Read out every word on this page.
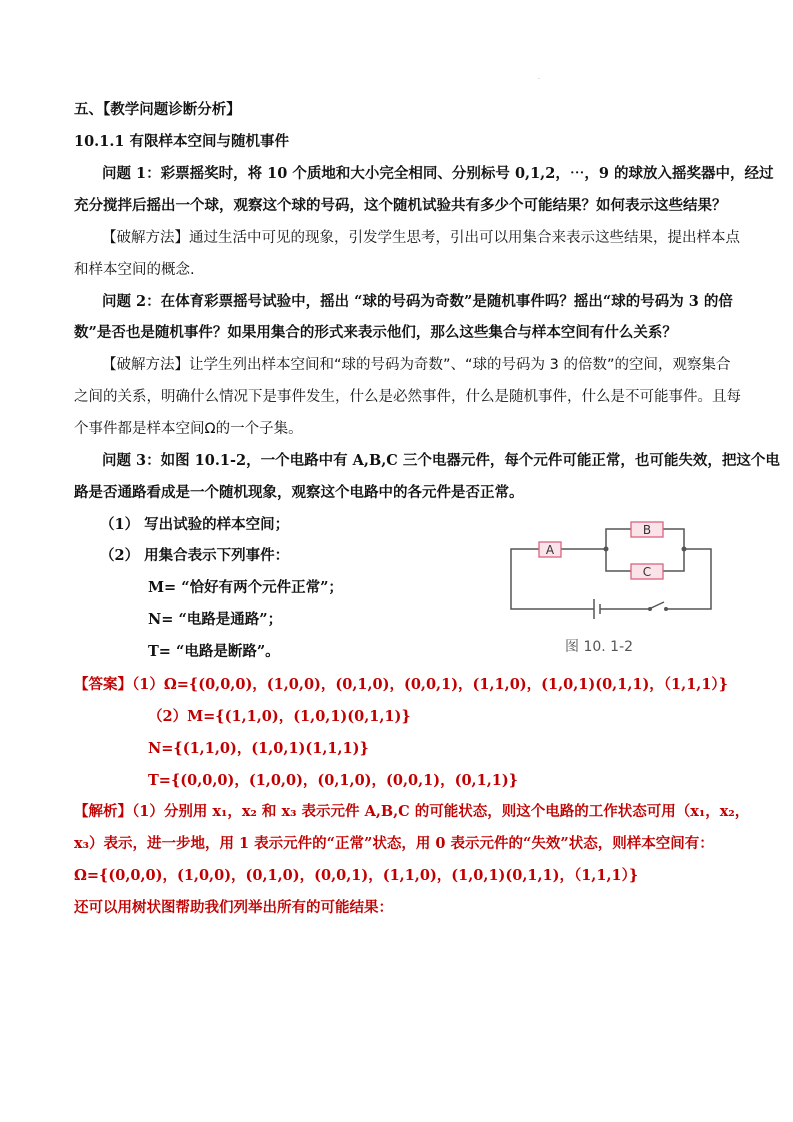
·
五、【教学问题诊断分析】
10.1.1 有限样本空间与随机事件
问题 1：彩票摇奖时，将 10 个质地和大小完全相同、分别标号 0,1,2，⋯，9 的球放入摇奖器中，经过
充分搅拌后摇出一个球，观察这个球的号码，这个随机试验共有多少个可能结果？如何表示这些结果？
【破解方法】通过生活中可见的现象，引发学生思考，引出可以用集合来表示这些结果，提出样本点
和样本空间的概念.
问题 2：在体育彩票摇号试验中，摇出 “球的号码为奇数”是随机事件吗？摇出“球的号码为 3 的倍
数”是否也是随机事件？如果用集合的形式来表示他们，那么这些集合与样本空间有什么关系？
【破解方法】让学生列出样本空间和“球的号码为奇数”、“球的号码为 3 的倍数”的空间，观察集合
之间的关系，明确什么情况下是事件发生，什么是必然事件，什么是随机事件，什么是不可能事件。且每
个事件都是样本空间Ω的一个子集。
问题 3：如图 10.1-2，一个电路中有 A,B,C 三个电器元件，每个元件可能正常，也可能失效，把这个电
路是否通路看成是一个随机现象，观察这个电路中的各元件是否正常。
（1） 写出试验的样本空间；
（2） 用集合表示下列事件：
M= “恰好有两个元件正常”；
N= “电路是通路”；
T= “电路是断路”。
A
B
C
图 10. 1-2
【答案】（1）Ω={(0,0,0)，(1,0,0)，(0,1,0)，(0,0,1)，(1,1,0)，(1,0,1)(0,1,1)，（1,1,1）}
（2）M={(1,1,0)，(1,0,1)(0,1,1)}
N={(1,1,0)，(1,0,1)(1,1,1)}
T={(0,0,0)，(1,0,0)，(0,1,0)，(0,0,1)，(0,1,1)}
【解析】（1）分别用 x₁，x₂ 和 x₃ 表示元件 A,B,C 的可能状态，则这个电路的工作状态可用（x₁，x₂，
x₃）表示，进一步地，用 1 表示元件的“正常”状态，用 0 表示元件的“失效”状态，则样本空间有：
Ω={(0,0,0)，(1,0,0)，(0,1,0)，(0,0,1)，(1,1,0)，(1,0,1)(0,1,1)，（1,1,1）}
还可以用树状图帮助我们列举出所有的可能结果：
